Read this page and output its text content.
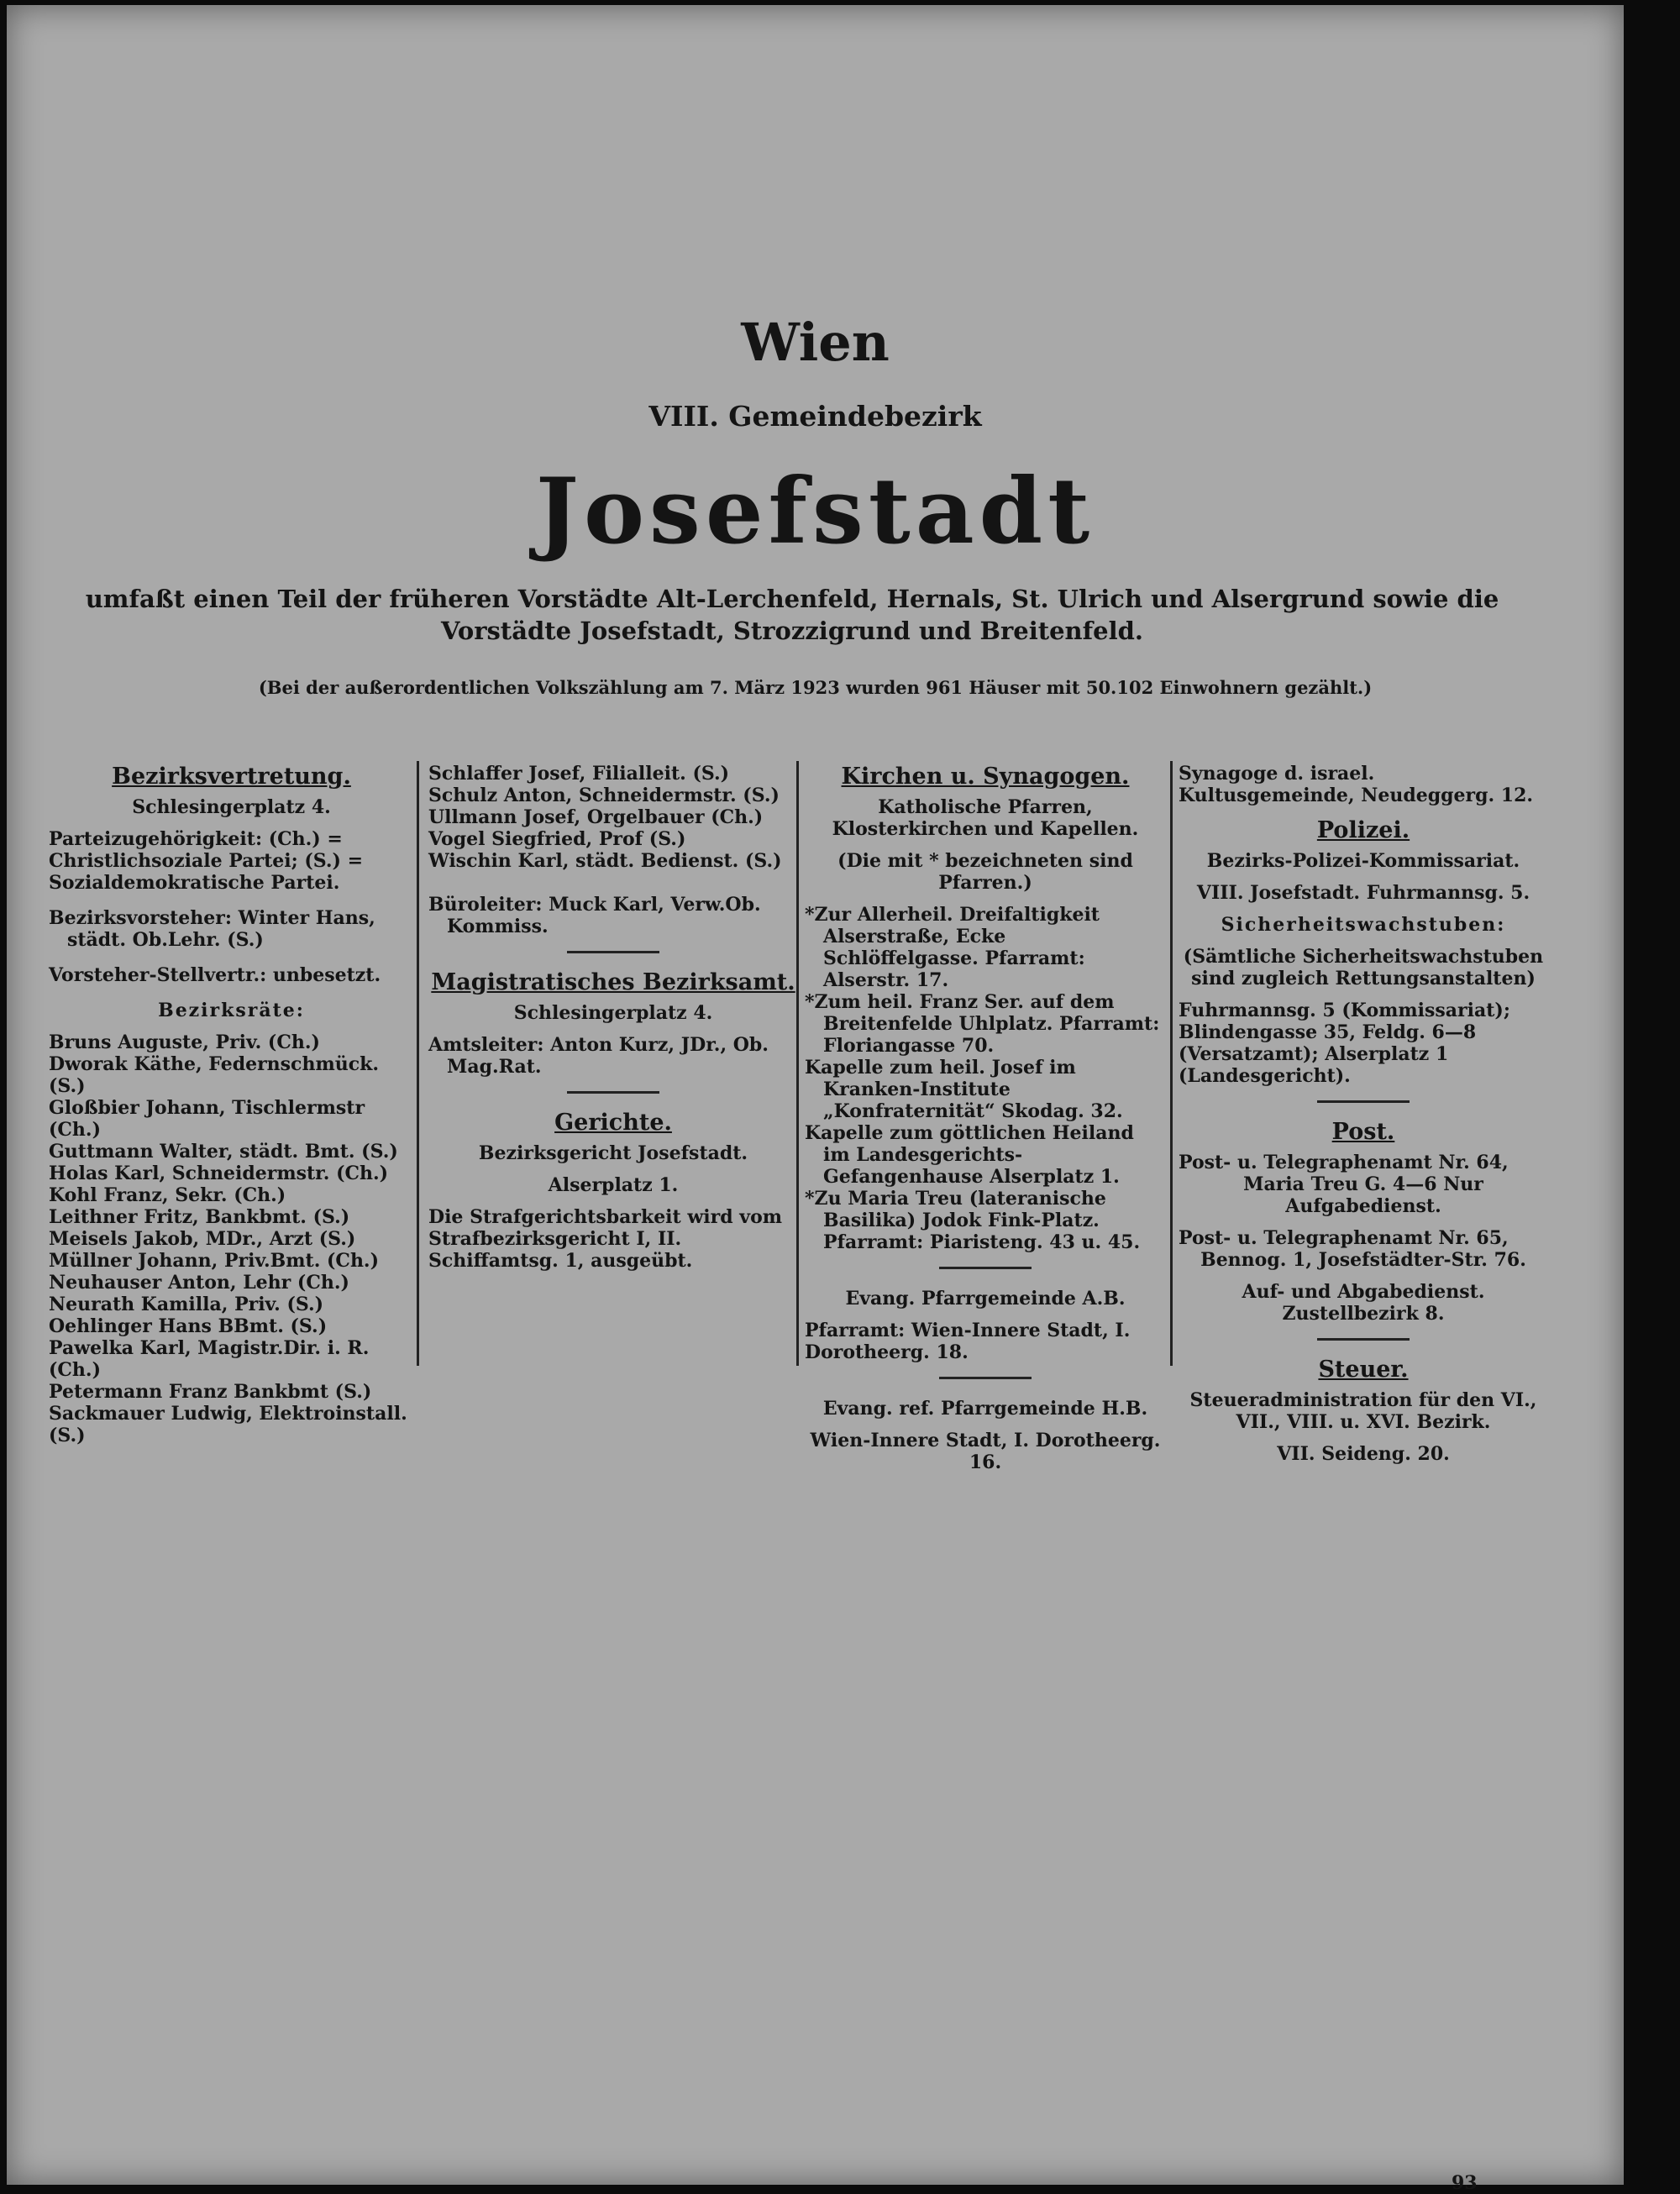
Wien
VIII. Gemeindebezirk
Josefstadt
umfaßt einen Teil der früheren Vorstädte Alt-Lerchenfeld, Hernals, St. Ulrich und Alsergrund sowie die Vorstädte Josefstadt, Strozzigrund und Breitenfeld.
(Bei der außerordentlichen Volkszählung am 7. März 1923 wurden 961 Häuser mit 50.102 Einwohnern gezählt.)
Bezirksvertretung.
Schlesingerplatz 4.
Parteizugehörigkeit: (Ch.) = Christlichsoziale Partei; (S.) = Sozialdemokratische Partei.
Bezirksvorsteher: Winter Hans, städt. Ob.Lehr. (S.)
Vorsteher-Stellvertr.: unbesetzt.
Bezirksräte:
Bruns Auguste, Priv. (Ch.)
Dworak Käthe, Federnschmück. (S.)
Gloßbier Johann, Tischlermstr (Ch.)
Guttmann Walter, städt. Bmt. (S.)
Holas Karl, Schneidermstr. (Ch.)
Kohl Franz, Sekr. (Ch.)
Leithner Fritz, Bankbmt. (S.)
Meisels Jakob, MDr., Arzt (S.)
Müllner Johann, Priv.Bmt. (Ch.)
Neuhauser Anton, Lehr (Ch.)
Neurath Kamilla, Priv. (S.)
Oehlinger Hans BBmt. (S.)
Pawelka Karl, Magistr.Dir. i. R. (Ch.)
Petermann Franz Bankbmt (S.)
Sackmauer Ludwig, Elektroinstall. (S.)
Schlaffer Josef, Filialleit. (S.)
Schulz Anton, Schneidermstr. (S.)
Ullmann Josef, Orgelbauer (Ch.)
Vogel Siegfried, Prof (S.)
Wischin Karl, städt. Bedienst. (S.)
Büroleiter: Muck Karl, Verw.Ob. Kommiss.
Magistratisches Bezirksamt.
Schlesingerplatz 4.
Amtsleiter: Anton Kurz, JDr., Ob. Mag.Rat.
Gerichte.
Bezirksgericht Josefstadt.
Alserplatz 1.
Die Strafgerichtsbarkeit wird vom Strafbezirksgericht I, II. Schiffamtsg. 1, ausgeübt.
Kirchen u. Synagogen.
Katholische Pfarren, Klosterkirchen und Kapellen.
(Die mit * bezeichneten sind Pfarren.)
*Zur Allerheil. Dreifaltigkeit Alserstraße, Ecke Schlöffelgasse. Pfarramt: Alserstr. 17.
*Zum heil. Franz Ser. auf dem Breitenfelde Uhlplatz. Pfarramt: Floriangasse 70.
Kapelle zum heil. Josef im Kranken-Institute „Konfraternität“ Skodag. 32.
Kapelle zum göttlichen Heiland im Landesgerichts-Gefangenhause Alserplatz 1.
*Zu Maria Treu (lateranische Basilika) Jodok Fink-Platz. Pfarramt: Piaristeng. 43 u. 45.
Evang. Pfarrgemeinde A.B.
Pfarramt: Wien-Innere Stadt, I. Dorotheerg. 18.
Evang. ref. Pfarrgemeinde H.B.
Wien-Innere Stadt, I. Dorotheerg. 16.
Synagoge d. israel. Kultusgemeinde, Neudeggerg. 12.
Polizei.
Bezirks-Polizei-Kommissariat.
VIII. Josefstadt. Fuhrmannsg. 5.
Sicherheitswachstuben:
(Sämtliche Sicherheitswachstuben sind zugleich Rettungsanstalten)
Fuhrmannsg. 5 (Kommissariat); Blindengasse 35, Feldg. 6—8 (Versatzamt); Alserplatz 1 (Landesgericht).
Post.
Post- u. Telegraphenamt Nr. 64,
Maria Treu G. 4—6 Nur Aufgabedienst.
Post- u. Telegraphenamt Nr. 65,
Bennog. 1, Josefstädter-Str. 76.
Auf- und Abgabedienst. Zustellbezirk 8.
Steuer.
Steueradministration für den VI., VII., VIII. u. XVI. Bezirk.
VII. Seideng. 20.
93
